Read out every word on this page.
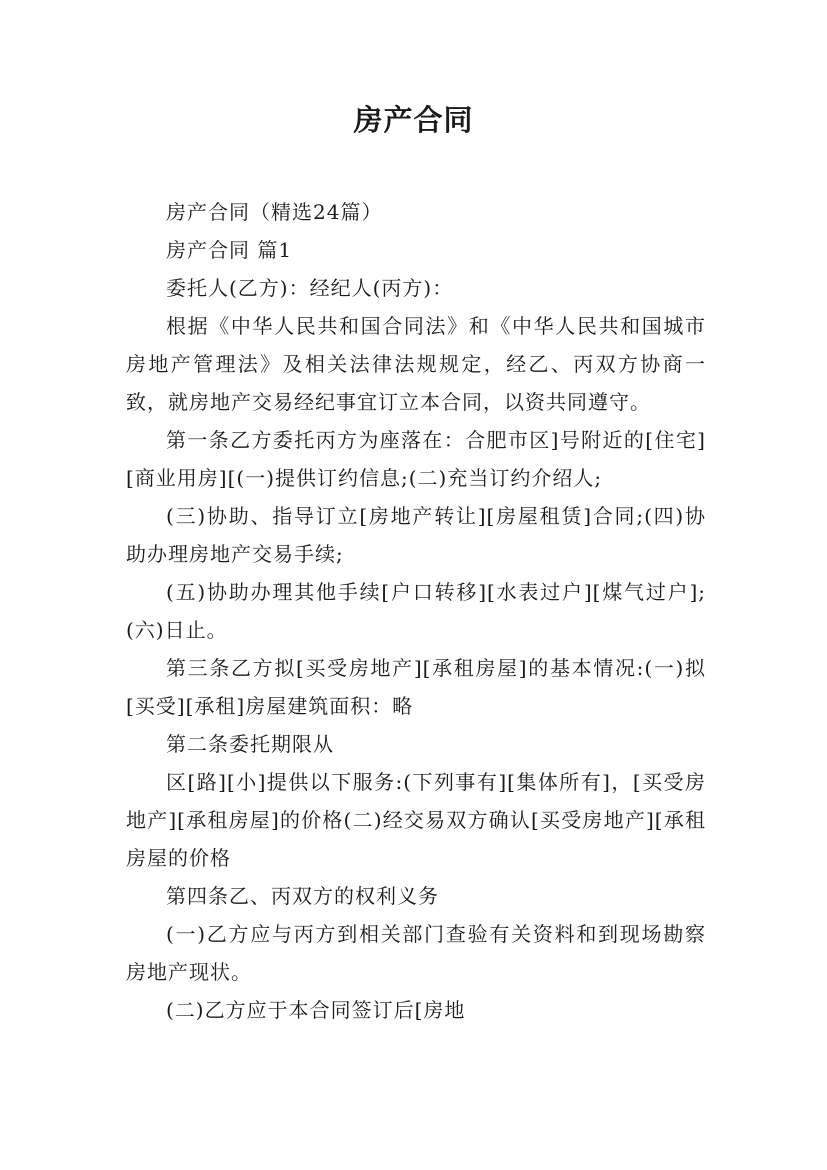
房产合同

房产合同（精选24篇）

房产合同 篇1

委托人(乙方)：经纪人(丙方)：

根据《中华人民共和国合同法》和《中华人民共和国城市房地产管理法》及相关法律法规规定，经乙、丙双方协商一致，就房地产交易经纪事宜订立本合同，以资共同遵守。

第一条乙方委托丙方为座落在：合肥市区]号附近的[住宅][商业用房][(一)提供订约信息;(二)充当订约介绍人;

(三)协助、指导订立[房地产转让][房屋租赁]合同;(四)协助办理房地产交易手续;

(五)协助办理其他手续[户口转移][水表过户][煤气过户];(六)日止。

第三条乙方拟[买受房地产][承租房屋]的基本情况:(一)拟[买受][承租]房屋建筑面积：略

第二条委托期限从

区[路][小]提供以下服务:(下列事有][集体所有]，[买受房地产][承租房屋]的价格(二)经交易双方确认[买受房地产][承租房屋的价格

第四条乙、丙双方的权利义务

(一)乙方应与丙方到相关部门查验有关资料和到现场勘察房地产现状。

(二)乙方应于本合同签订后[房地
